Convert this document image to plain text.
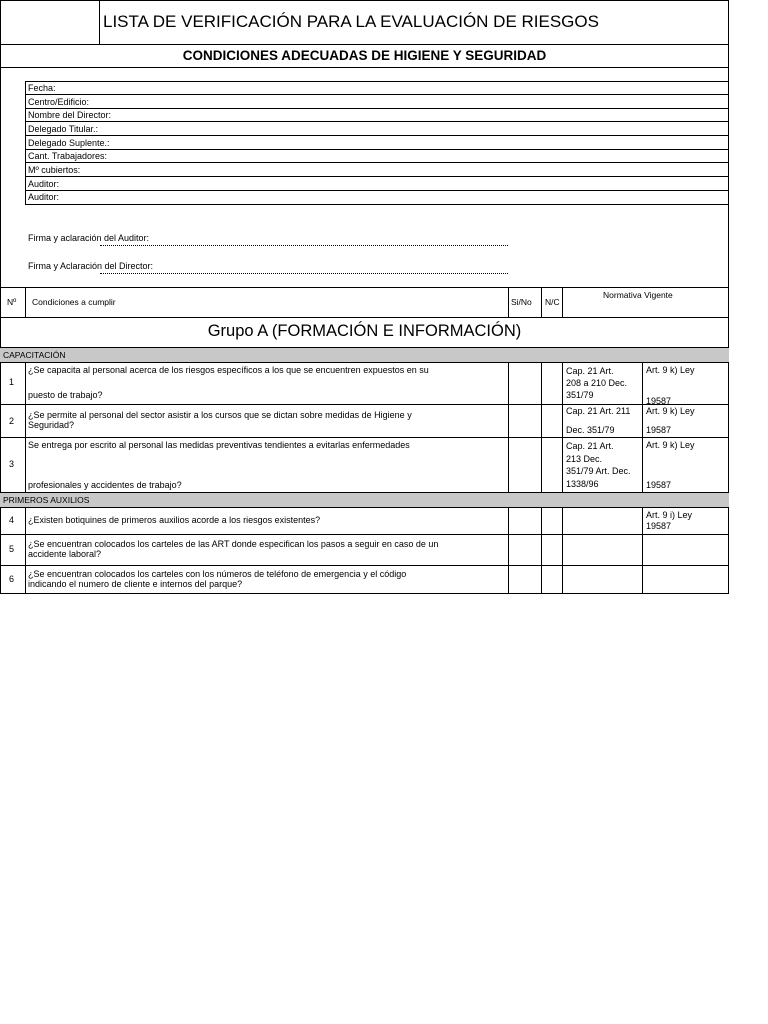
LISTA DE VERIFICACIÓN PARA LA EVALUACIÓN DE RIESGOS
CONDICIONES ADECUADAS DE HIGIENE Y SEGURIDAD
Fecha:
Centro/Edificio:
Nombre del Director:
Delegado Titular.:
Delegado Suplente.:
Cant. Trabajadores:
Mº cubiertos:
Auditor:
Auditor:
Firma y aclaración del Auditor:
Firma y Aclaración del Director:
Nº Condiciones a cumplir	Si/No N/C
Normativa Vigente
Grupo A (FORMACIÓN E INFORMACIÓN)
CAPACITACIÓN
1
¿Se capacita al personal acerca de los riesgos específicos a los que se encuentren expuestos en su
puesto de trabajo?
Cap. 21 Art.
208 a 210 Dec.
351/79
Art. 9 k) Ley
19587
2
¿Se permite al personal del sector asistir a los cursos que se dictan sobre medidas de Higiene y
Seguridad?
Cap. 21 Art. 211
Dec. 351/79
Art. 9 k) Ley
19587
3
Se entrega por escrito al personal las medidas preventivas tendientes a evitarlas enfermedades
profesionales y accidentes de trabajo?
Cap. 21 Art.
213 Dec.
351/79 Art. Dec.
1338/96
Art. 9 k) Ley
19587
PRIMEROS AUXILIOS
4 ¿Existen botiquines de primeros auxilios acorde a los riesgos existentes?	Art. 9 i) Ley
19587
5 ¿Se encuentran colocados los carteles de las ART donde especifican los pasos a seguir en caso de un
accidente laboral?
6 ¿Se encuentran colocados los carteles con los números de teléfono de emergencia y el código
indicando el numero de cliente e internos del parque?
